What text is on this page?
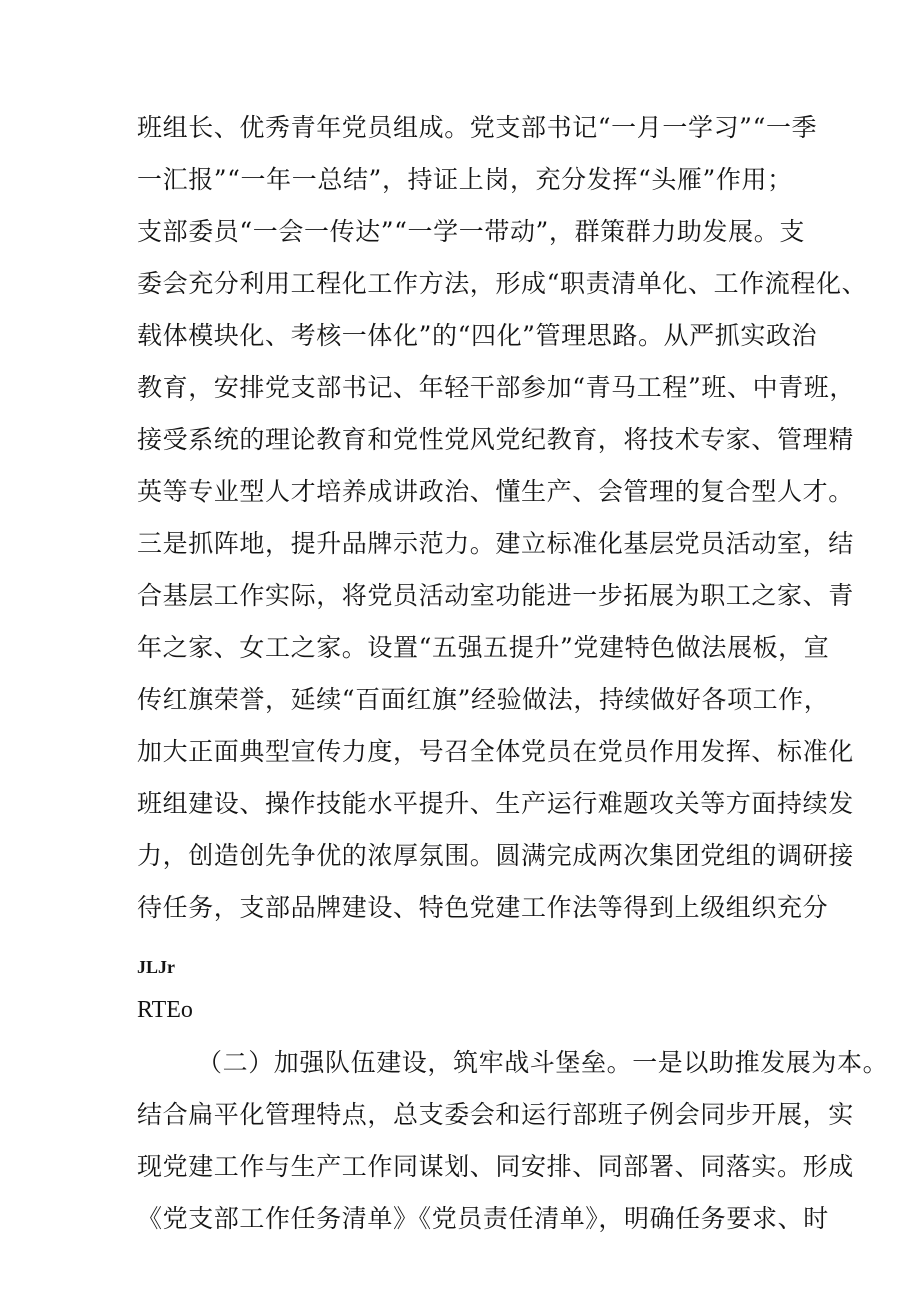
班组长、优秀青年党员组成。党支部书记“一月一学习”“一季
一汇报”“一年一总结”，持证上岗，充分发挥“头雁”作用；
支部委员“一会一传达”“一学一带动”，群策群力助发展。支
委会充分利用工程化工作方法，形成“职责清单化、工作流程化、
载体模块化、考核一体化”的“四化”管理思路。从严抓实政治
教育，安排党支部书记、年轻干部参加“青马工程”班、中青班，
接受系统的理论教育和党性党风党纪教育，将技术专家、管理精
英等专业型人才培养成讲政治、懂生产、会管理的复合型人才。
三是抓阵地，提升品牌示范力。建立标准化基层党员活动室，结
合基层工作实际，将党员活动室功能进一步拓展为职工之家、青
年之家、女工之家。设置“五强五提升”党建特色做法展板，宣
传红旗荣誉，延续“百面红旗”经验做法，持续做好各项工作，
加大正面典型宣传力度，号召全体党员在党员作用发挥、标准化
班组建设、操作技能水平提升、生产运行难题攻关等方面持续发
力，创造创先争优的浓厚氛围。圆满完成两次集团党组的调研接
待任务，支部品牌建设、特色党建工作法等得到上级组织充分
JLJr
RTEo
（二）加强队伍建设，筑牢战斗堡垒。一是以助推发展为本。
结合扁平化管理特点，总支委会和运行部班子例会同步开展，实
现党建工作与生产工作同谋划、同安排、同部署、同落实。形成
《党支部工作任务清单》《党员责任清单》，明确任务要求、时
